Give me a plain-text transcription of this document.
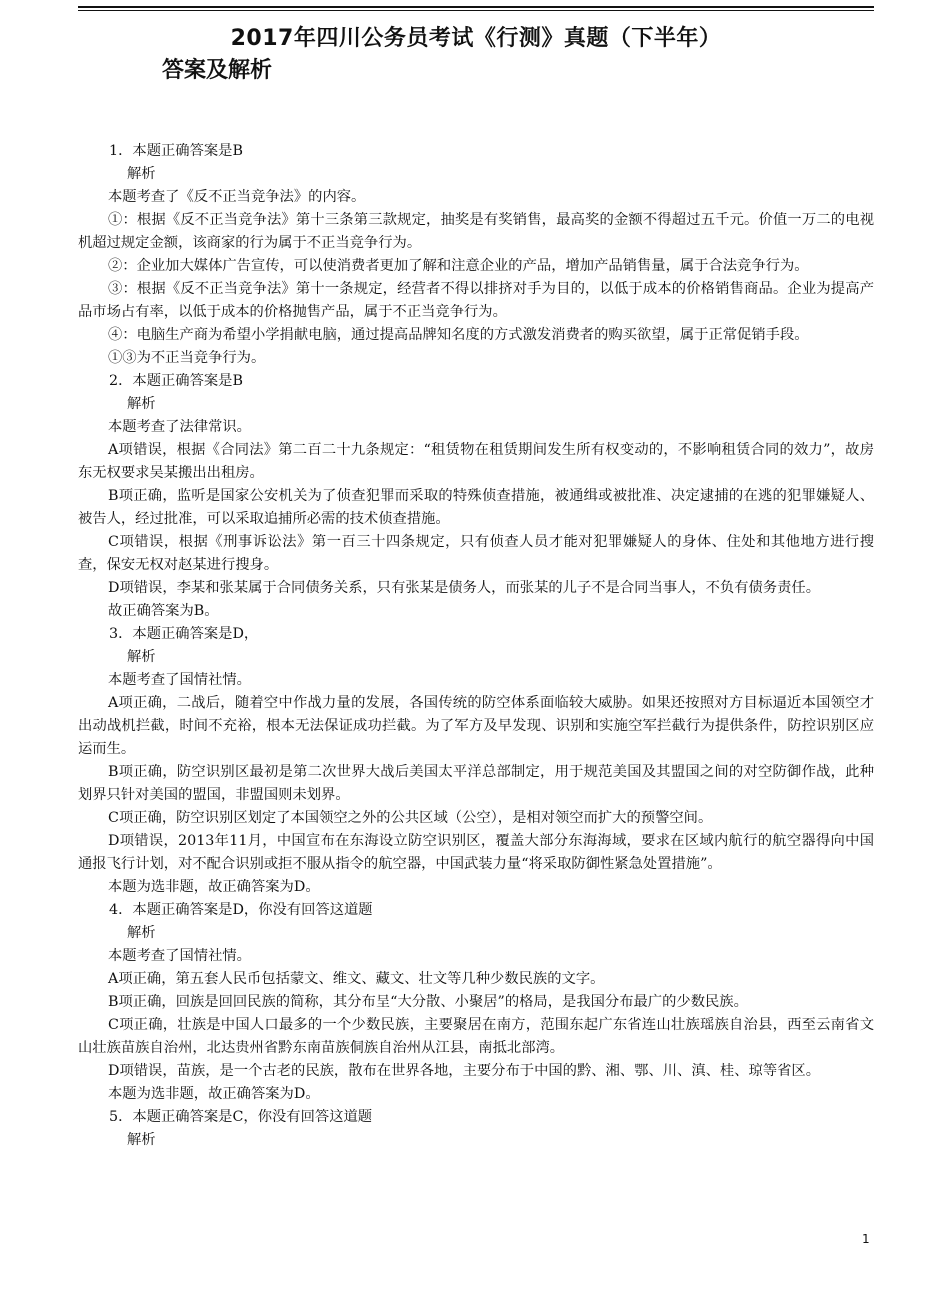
2017年四川公务员考试《行测》真题（下半年）
答案及解析

1．本题正确答案是B

解析

本题考查了《反不正当竞争法》的内容。

①：根据《反不正当竞争法》第十三条第三款规定，抽奖是有奖销售，最高奖的金额不得超过五千元。价值一万二的电视机超过规定金额，该商家的行为属于不正当竞争行为。

②：企业加大媒体广告宣传，可以使消费者更加了解和注意企业的产品，增加产品销售量，属于合法竞争行为。

③：根据《反不正当竞争法》第十一条规定，经营者不得以排挤对手为目的，以低于成本的价格销售商品。企业为提高产品市场占有率，以低于成本的价格抛售产品，属于不正当竞争行为。

④：电脑生产商为希望小学捐献电脑，通过提高品牌知名度的方式激发消费者的购买欲望，属于正常促销手段。

①③为不正当竞争行为。

2．本题正确答案是B

解析

本题考查了法律常识。

A项错误，根据《合同法》第二百二十九条规定：“租赁物在租赁期间发生所有权变动的，不影响租赁合同的效力”，故房东无权要求吴某搬出出租房。

B项正确，监听是国家公安机关为了侦查犯罪而采取的特殊侦查措施，被通缉或被批准、决定逮捕的在逃的犯罪嫌疑人、被告人，经过批准，可以采取追捕所必需的技术侦查措施。

C项错误，根据《刑事诉讼法》第一百三十四条规定，只有侦查人员才能对犯罪嫌疑人的身体、住处和其他地方进行搜查，保安无权对赵某进行搜身。

D项错误，李某和张某属于合同债务关系，只有张某是债务人，而张某的儿子不是合同当事人，不负有债务责任。

故正确答案为B。

3．本题正确答案是D，

解析

本题考查了国情社情。

A项正确，二战后，随着空中作战力量的发展，各国传统的防空体系面临较大威胁。如果还按照对方目标逼近本国领空才出动战机拦截，时间不充裕，根本无法保证成功拦截。为了军方及早发现、识别和实施空军拦截行为提供条件，防控识别区应运而生。

B项正确，防空识别区最初是第二次世界大战后美国太平洋总部制定，用于规范美国及其盟国之间的对空防御作战，此种划界只针对美国的盟国，非盟国则未划界。

C项正确，防空识别区划定了本国领空之外的公共区域（公空），是相对领空而扩大的预警空间。

D项错误，2013年11月，中国宣布在东海设立防空识别区，覆盖大部分东海海域，要求在区域内航行的航空器得向中国通报飞行计划，对不配合识别或拒不服从指令的航空器，中国武装力量“将采取防御性紧急处置措施”。

本题为选非题，故正确答案为D。

4．本题正确答案是D，你没有回答这道题

解析

本题考查了国情社情。

A项正确，第五套人民币包括蒙文、维文、藏文、壮文等几种少数民族的文字。

B项正确，回族是回回民族的简称，其分布呈“大分散、小聚居”的格局，是我国分布最广的少数民族。

C项正确，壮族是中国人口最多的一个少数民族，主要聚居在南方，范围东起广东省连山壮族瑶族自治县，西至云南省文山壮族苗族自治州，北达贵州省黔东南苗族侗族自治州从江县，南抵北部湾。

D项错误，苗族，是一个古老的民族，散布在世界各地，主要分布于中国的黔、湘、鄂、川、滇、桂、琼等省区。

本题为选非题，故正确答案为D。

5．本题正确答案是C，你没有回答这道题

解析

1
